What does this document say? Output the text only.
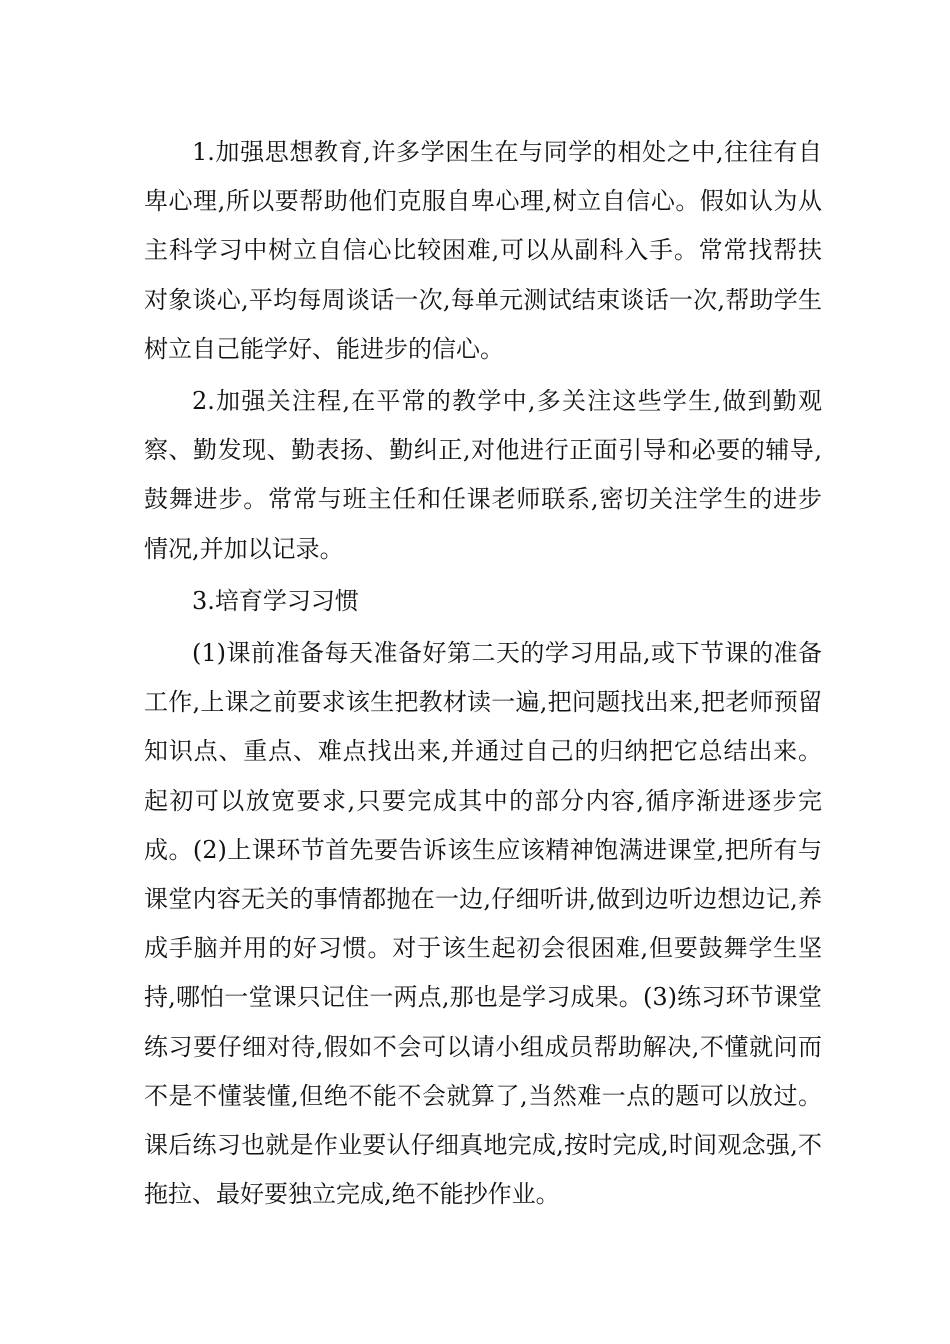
1.加强思想教育,许多学困生在与同学的相处之中,往往有自卑心理,所以要帮助他们克服自卑心理,树立自信心。假如认为从主科学习中树立自信心比较困难,可以从副科入手。常常找帮扶对象谈心,平均每周谈话一次,每单元测试结束谈话一次,帮助学生树立自己能学好、能进步的信心。

2.加强关注程,在平常的教学中,多关注这些学生,做到勤观察、勤发现、勤表扬、勤纠正,对他进行正面引导和必要的辅导,鼓舞进步。常常与班主任和任课老师联系,密切关注学生的进步情况,并加以记录。

3.培育学习习惯

(1)课前准备每天准备好第二天的学习用品,或下节课的准备工作,上课之前要求该生把教材读一遍,把问题找出来,把老师预留知识点、重点、难点找出来,并通过自己的归纳把它总结出来。起初可以放宽要求,只要完成其中的部分内容,循序渐进逐步完成。(2)上课环节首先要告诉该生应该精神饱满进课堂,把所有与课堂内容无关的事情都抛在一边,仔细听讲,做到边听边想边记,养成手脑并用的好习惯。对于该生起初会很困难,但要鼓舞学生坚持,哪怕一堂课只记住一两点,那也是学习成果。(3)练习环节课堂练习要仔细对待,假如不会可以请小组成员帮助解决,不懂就问而不是不懂装懂,但绝不能不会就算了,当然难一点的题可以放过。课后练习也就是作业要认仔细真地完成,按时完成,时间观念强,不拖拉、最好要独立完成,绝不能抄作业。
